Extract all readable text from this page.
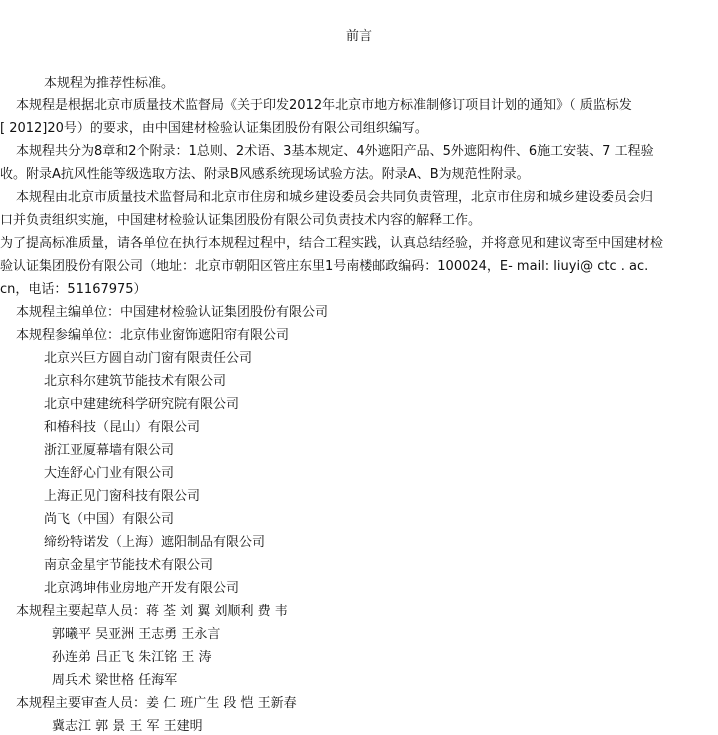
前言
本规程为推荐性标准。
本规程是根据北京市质量技术监督局《关于印发2012年北京市地方标准制修订项目计划的通知》（ 质监标发
[ 2012]20号）的要求，由中国建材检验认证集团股份有限公司组织编写。
本规程共分为8章和2个附录：1总则、2术语、3基本规定、4外遮阳产品、5外遮阳构件、6施工安装、7 工程验
收。附录A抗风性能等级选取方法、附录B风感系统现场试验方法。附录A、B为规范性附录。
本规程由北京市质量技术监督局和北京市住房和城乡建设委员会共同负责管理，北京市住房和城乡建设委员会归
口并负责组织实施，中国建材检验认证集团股份有限公司负责技术内容的解释工作。
为了提高标准质量，请各单位在执行本规程过程中，结合工程实践，认真总结经验，并将意见和建议寄至中国建材检
验认证集团股份有限公司（地址：北京市朝阳区管庄东里1号南楼邮政编码：100024，E- mail: liuyi@ ctc . ac.
cn，电话：51167975）
本规程主编单位：中国建材检验认证集团股份有限公司
本规程参编单位：北京伟业窗饰遮阳帘有限公司
北京兴巨方圆自动门窗有限责任公司
北京科尔建筑节能技术有限公司
北京中建建统科学研究院有限公司
和椿科技（昆山）有限公司
浙江亚厦幕墙有限公司
大连舒心门业有限公司
上海正见门窗科技有限公司
尚飞（中国）有限公司
缔纷特诺发（上海）遮阳制品有限公司
南京金星宇节能技术有限公司
北京鸿坤伟业房地产开发有限公司
本规程主要起草人员：蒋 荃 刘 翼 刘顺利 费 韦
郭曦平 吴亚洲 王志勇 王永言
孙连弟 吕正飞 朱江铭 王 涛
周兵术 梁世格 任海军
本规程主要审查人员：姜 仁 班广生 段 恺 王新春
冀志江 郭 景 王 军 王建明
